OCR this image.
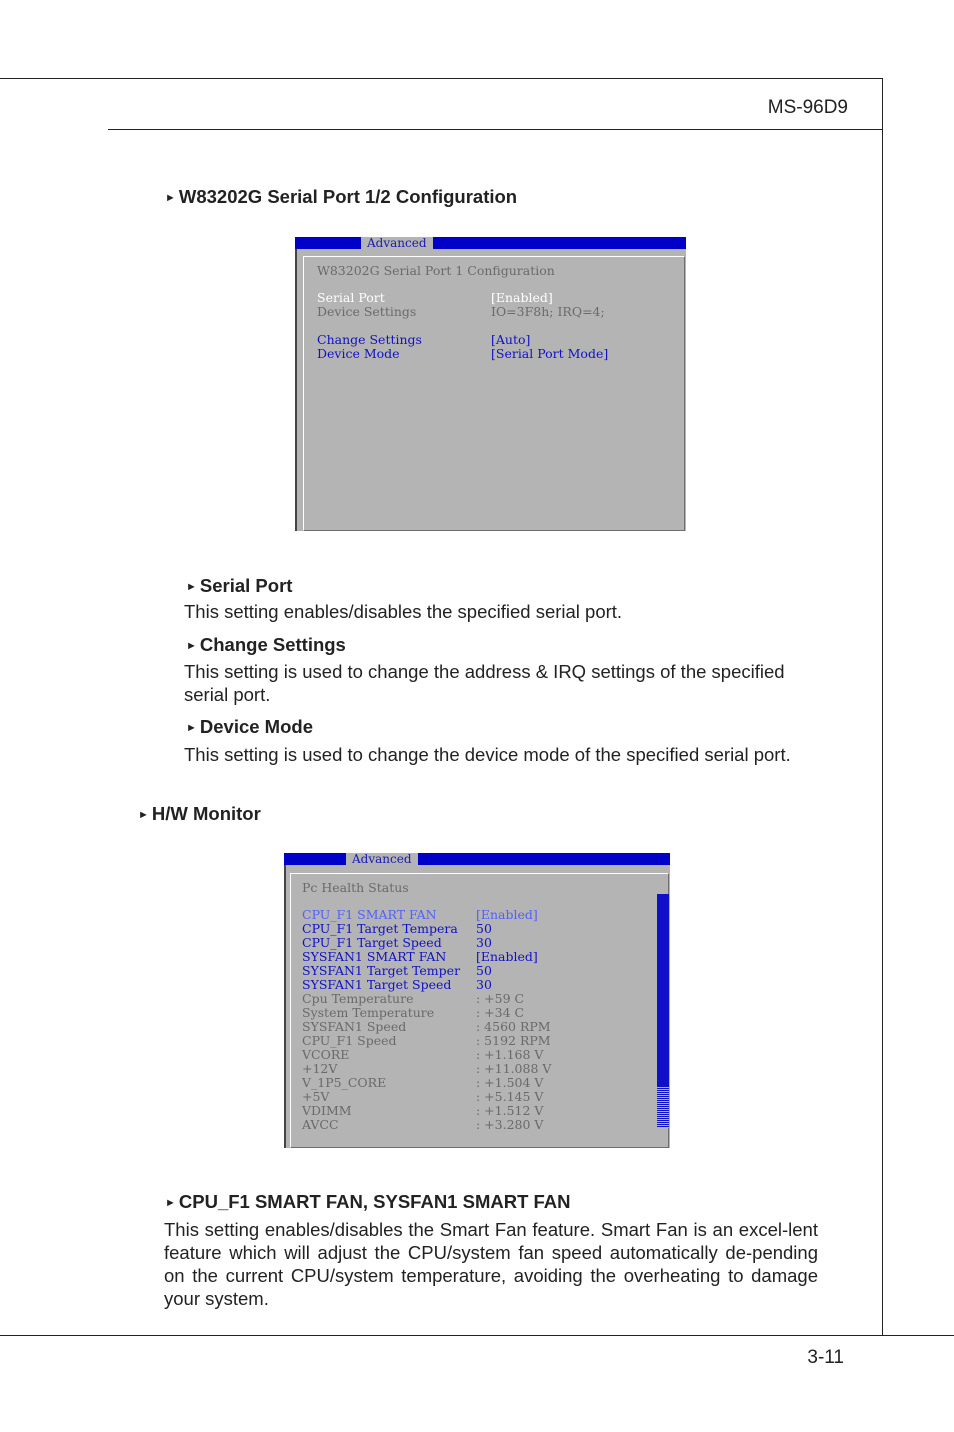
MS-96D9
3-11
► W83202G Serial Port 1/2 Configuration
Advanced
W83202G Serial Port 1 Configuration
Serial Port	[Enabled]
Device Settings	IO=3F8h; IRQ=4;
Change Settings	[Auto]
Device Mode	[Serial Port Mode]
► Serial Port
This setting enables/disables the specified serial port.
► Change Settings
This setting is used to change the address & IRQ settings of the specified serial port.
► Device Mode
This setting is used to change the device mode of the specified serial port.
► H/W Monitor
Advanced
Pc Health Status
CPU_F1 SMART FAN	[Enabled]
CPU_F1 Target Tempera 50
CPU_F1 Target Speed	30
SYSFAN1 SMART FAN [Enabled]
SYSFAN1 Target Temper 50
SYSFAN1 Target Speed 30
Cpu Temperature	: +59 C
System Temperature	: +34 C
SYSFAN1 Speed	: 4560 RPM
CPU_F1 Speed	: 5192 RPM
VCORE	: +1.168 V
+12V	: +11.088 V
V_1P5_CORE	: +1.504 V
+5V	: +5.145 V
VDIMM	: +1.512 V
AVCC	: +3.280 V
► CPU_F1 SMART FAN, SYSFAN1 SMART FAN
This setting enables/disables the Smart Fan feature. Smart Fan is an excel-lent feature which will adjust the CPU/system fan speed automatically de-pending on the current CPU/system temperature, avoiding the overheating to damage your system.
